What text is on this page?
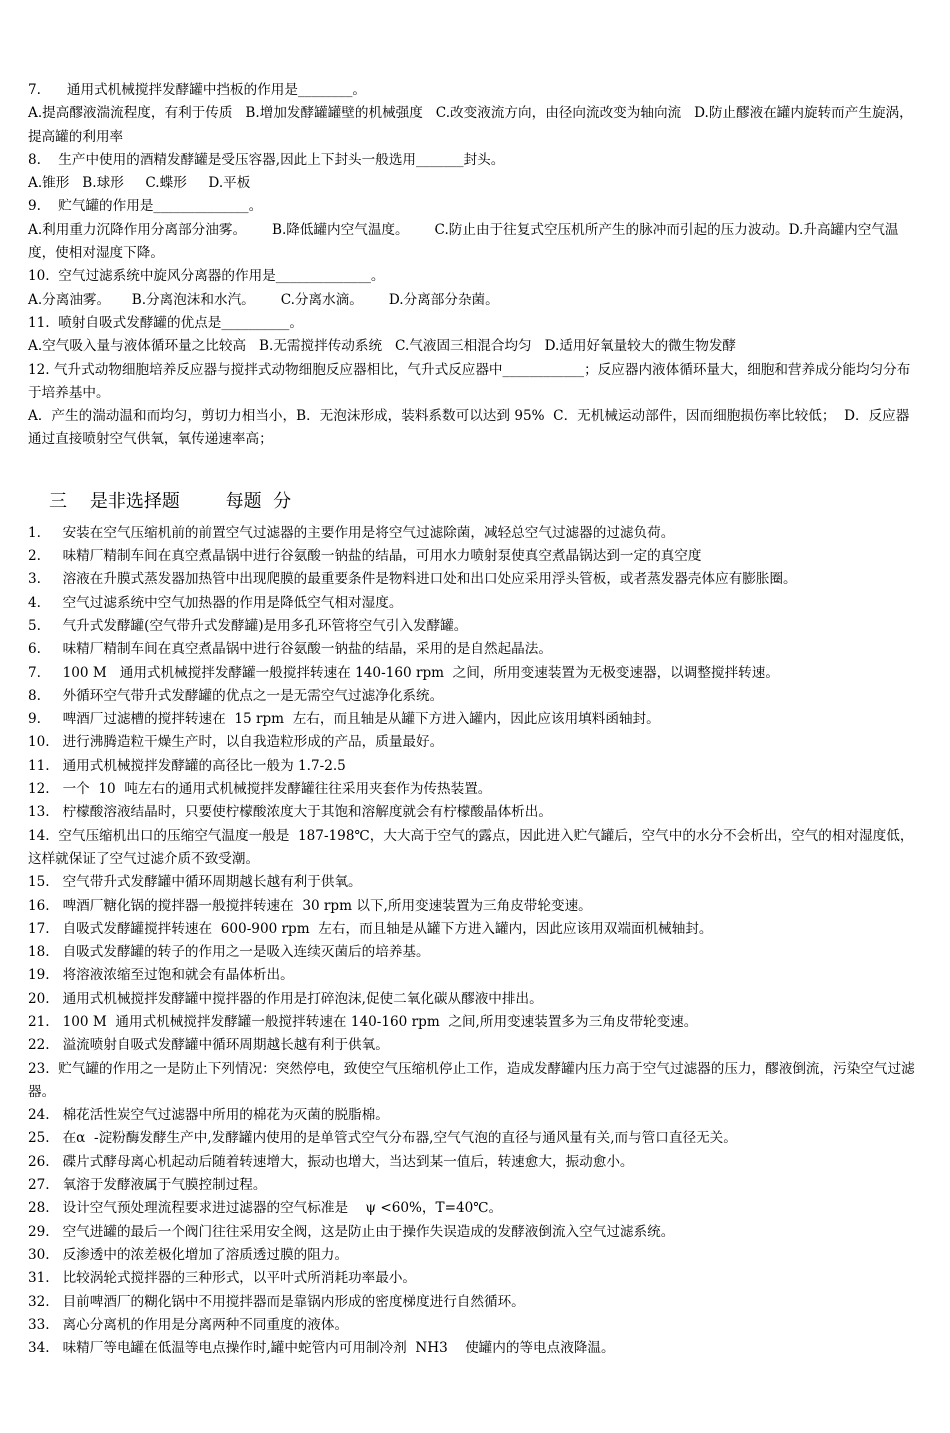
7.      通用式机械搅拌发酵罐中挡板的作用是________。
A.提高醪液湍流程度，有利于传质   B.增加发酵罐罐壁的机械强度   C.改变液流方向，由径向流改变为轴向流   D.防止醪液在罐内旋转而产生旋涡，提高罐的利用率
8.    生产中使用的酒精发酵罐是受压容器,因此上下封头一般选用_______封头。
A.锥形   B.球形     C.蝶形     D.平板
9.    贮气罐的作用是______________。
A.利用重力沉降作用分离部分油雾。      B.降低罐内空气温度。      C.防止由于往复式空压机所产生的脉冲而引起的压力波动。D.升高罐内空气温度，使相对湿度下降。
10.  空气过滤系统中旋风分离器的作用是______________。
A.分离油雾。     B.分离泡沫和水汽。      C.分离水滴。      D.分离部分杂菌。
11.  喷射自吸式发酵罐的优点是__________。
A.空气吸入量与液体循环量之比较高   B.无需搅拌传动系统   C.气液固三相混合均匀   D.适用好氧量较大的微生物发酵
12. 气升式动物细胞培养反应器与搅拌式动物细胞反应器相比，气升式反应器中____________；反应器内液体循环量大，细胞和营养成分能均匀分布于培养基中。
A．产生的湍动温和而均匀，剪切力相当小，B．无泡沫形成，装料系数可以达到 95%  C．无机械运动部件，因而细胞损伤率比较低；  D．反应器通过直接喷射空气供氧，氧传递速率高；
三    是非选择题        每题  分
1.     安装在空气压缩机前的前置空气过滤器的主要作用是将空气过滤除菌，减轻总空气过滤器的过滤负荷。
2.     味精厂精制车间在真空煮晶锅中进行谷氨酸一钠盐的结晶，可用水力喷射泵使真空煮晶锅达到一定的真空度
3.     溶液在升膜式蒸发器加热管中出现爬膜的最重要条件是物料进口处和出口处应采用浮头管板，或者蒸发器壳体应有膨胀圈。
4.     空气过滤系统中空气加热器的作用是降低空气相对湿度。
5.     气升式发酵罐(空气带升式发酵罐)是用多孔环管将空气引入发酵罐。
6.     味精厂精制车间在真空煮晶锅中进行谷氨酸一钠盐的结晶，采用的是自然起晶法。
7.     100 M   通用式机械搅拌发酵罐一般搅拌转速在 140-160 rpm  之间，所用变速装置为无极变速器，以调整搅拌转速。
8.     外循环空气带升式发酵罐的优点之一是无需空气过滤净化系统。
9.     啤酒厂过滤槽的搅拌转速在  15 rpm  左右，而且轴是从罐下方进入罐内，因此应该用填料函轴封。
10.   进行沸腾造粒干燥生产时，以自我造粒形成的产品，质量最好。
11.   通用式机械搅拌发酵罐的高径比一般为 1.7-2.5
12.   一个  10  吨左右的通用式机械搅拌发酵罐往往采用夹套作为传热装置。
13.   柠檬酸溶液结晶时，只要使柠檬酸浓度大于其饱和溶解度就会有柠檬酸晶体析出。
14.  空气压缩机出口的压缩空气温度一般是  187-198℃，大大高于空气的露点，因此进入贮气罐后，空气中的水分不会析出，空气的相对湿度低，这样就保证了空气过滤介质不致受潮。
15.   空气带升式发酵罐中循环周期越长越有利于供氧。
16.   啤酒厂糖化锅的搅拌器一般搅拌转速在  30 rpm 以下,所用变速装置为三角皮带轮变速。
17.   自吸式发酵罐搅拌转速在  600-900 rpm  左右，而且轴是从罐下方进入罐内，因此应该用双端面机械轴封。
18.   自吸式发酵罐的转子的作用之一是吸入连续灭菌后的培养基。
19.   将溶液浓缩至过饱和就会有晶体析出。
20.   通用式机械搅拌发酵罐中搅拌器的作用是打碎泡沫,促使二氧化碳从醪液中排出。
21.   100 M  通用式机械搅拌发酵罐一般搅拌转速在 140-160 rpm  之间,所用变速装置多为三角皮带轮变速。
22.   溢流喷射自吸式发酵罐中循环周期越长越有利于供氧。
23.  贮气罐的作用之一是防止下列情况：突然停电，致使空气压缩机停止工作，造成发酵罐内压力高于空气过滤器的压力，醪液倒流，污染空气过滤器。
24.   棉花活性炭空气过滤器中所用的棉花为灭菌的脱脂棉。
25.   在α  -淀粉酶发酵生产中,发酵罐内使用的是单管式空气分布器,空气气泡的直径与通风量有关,而与管口直径无关。
26.   碟片式酵母离心机起动后随着转速增大，振动也增大，当达到某一值后，转速愈大，振动愈小。
27.   氧溶于发酵液属于气膜控制过程。
28.   设计空气预处理流程要求进过滤器的空气标准是    ψ <60%，T=40℃。
29.   空气进罐的最后一个阀门往往采用安全阀，这是防止由于操作失误造成的发酵液倒流入空气过滤系统。
30.   反渗透中的浓差极化增加了溶质透过膜的阻力。
31.   比较涡轮式搅拌器的三种形式，以平叶式所消耗功率最小。
32.   目前啤酒厂的糊化锅中不用搅拌器而是靠锅内形成的密度梯度进行自然循环。
33.   离心分离机的作用是分离两种不同重度的液体。
34.   味精厂等电罐在低温等电点操作时,罐中蛇管内可用制冷剂  NH3    使罐内的等电点液降温。
